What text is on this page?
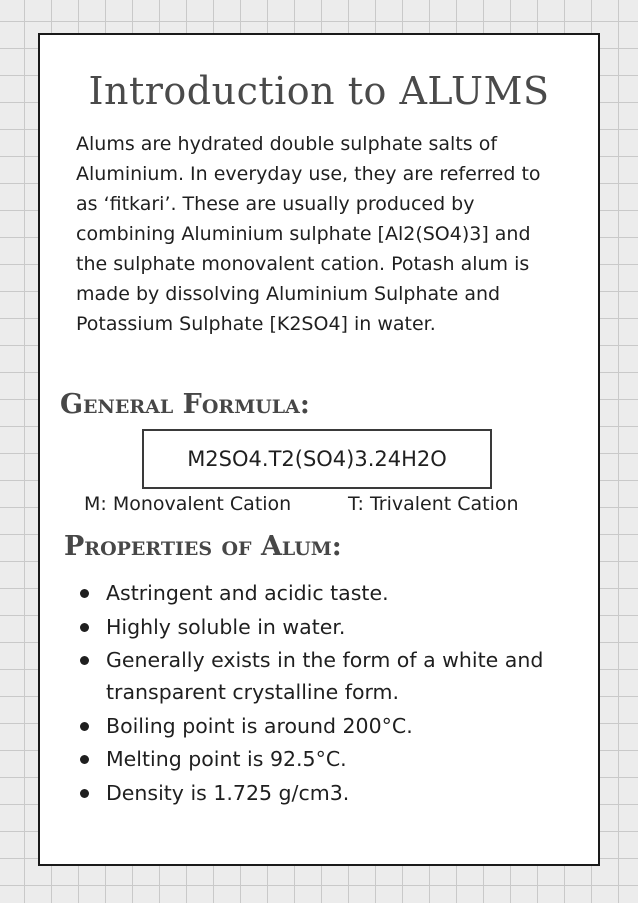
Introduction to ALUMS

Alums are hydrated double sulphate salts of Aluminium. In everyday use, they are referred to as ‘fitkari’. These are usually produced by combining Aluminium sulphate [Al2(SO4)3] and the sulphate monovalent cation. Potash alum is made by dissolving Aluminium Sulphate and Potassium Sulphate [K2SO4] in water.

General Formula:
M2SO4.T2(SO4)3.24H2O
M: Monovalent Cation	T: Trivalent Cation
Properties of Alum:
Astringent and acidic taste.
Highly soluble in water.
Generally exists in the form of a white and transparent crystalline form.
Boiling point is around 200°C.
Melting point is 92.5°C.
Density is 1.725 g/cm3.
